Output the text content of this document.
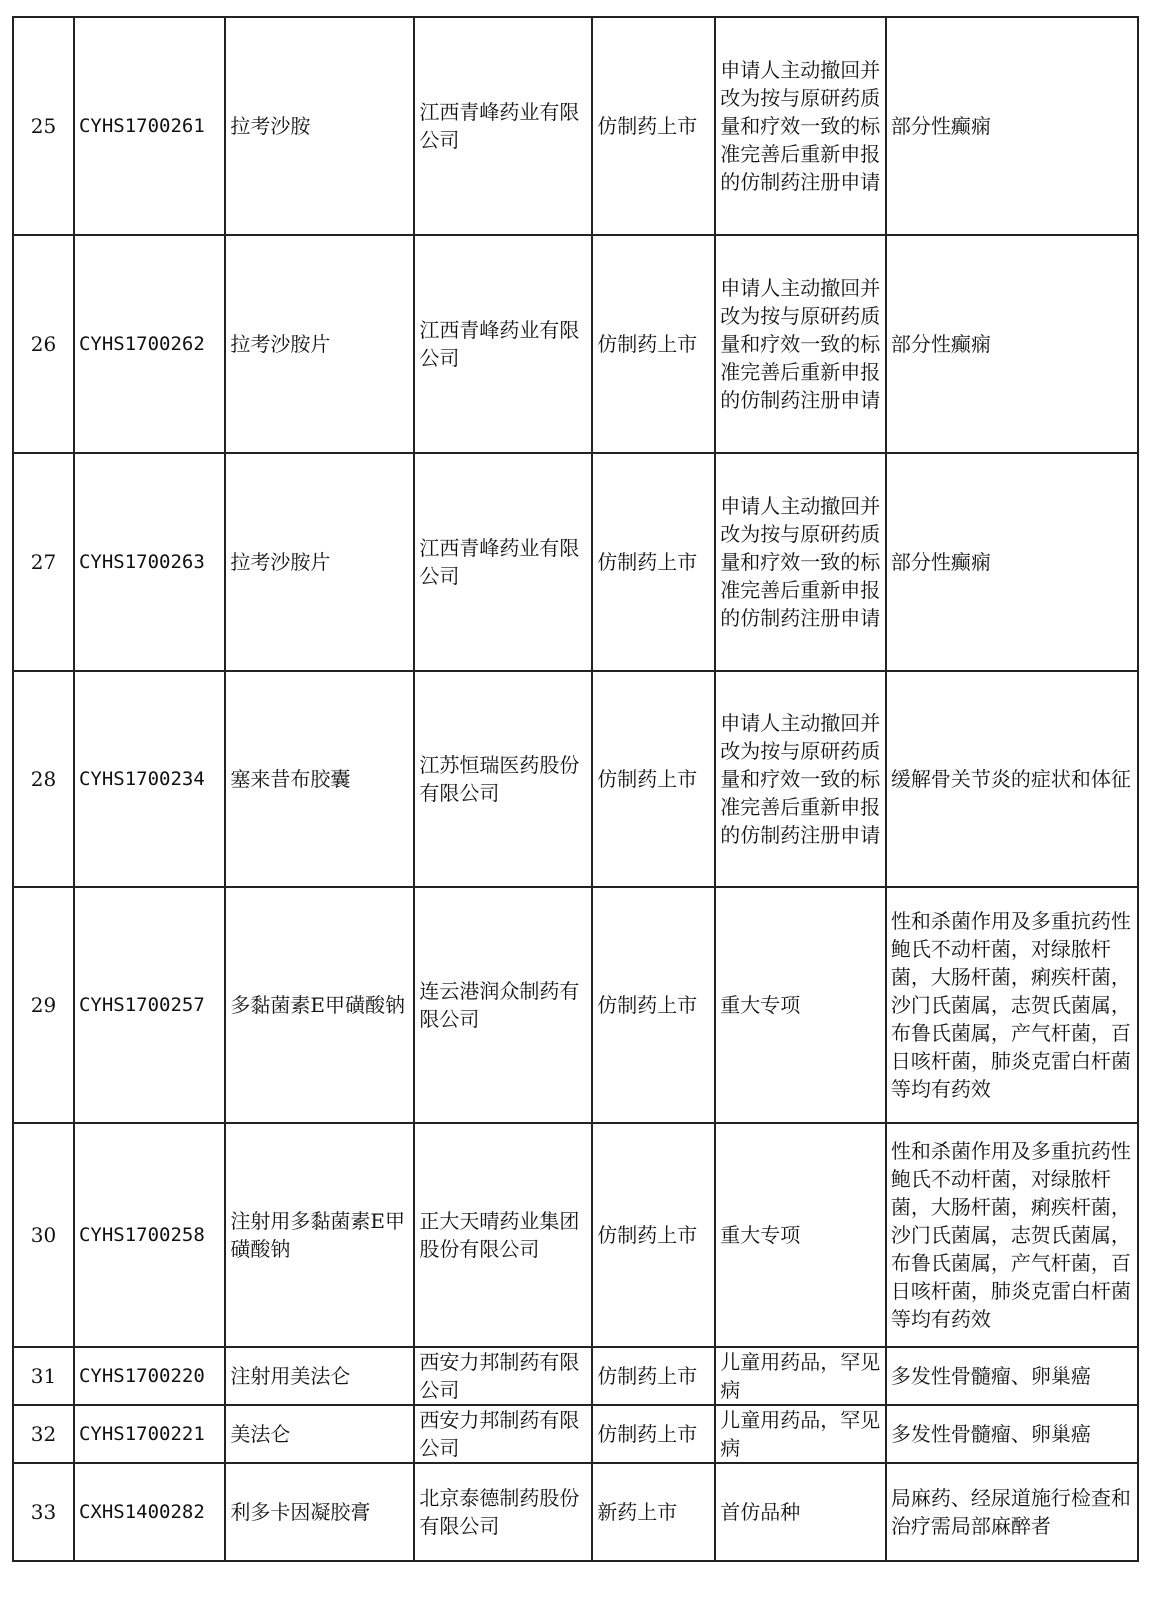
25	CYHS1700261	拉考沙胺	江西青峰药业有限公司	仿制药上市	申请人主动撤回并改为按与原研药质量和疗效一致的标准完善后重新申报的仿制药注册申请	部分性癫痫
26	CYHS1700262	拉考沙胺片	江西青峰药业有限公司	仿制药上市	申请人主动撤回并改为按与原研药质量和疗效一致的标准完善后重新申报的仿制药注册申请	部分性癫痫
27	CYHS1700263	拉考沙胺片	江西青峰药业有限公司	仿制药上市	申请人主动撤回并改为按与原研药质量和疗效一致的标准完善后重新申报的仿制药注册申请	部分性癫痫
28	CYHS1700234	塞来昔布胶囊	江苏恒瑞医药股份有限公司	仿制药上市	申请人主动撤回并改为按与原研药质量和疗效一致的标准完善后重新申报的仿制药注册申请	缓解骨关节炎的症状和体征
29	CYHS1700257	多黏菌素E甲磺酸钠	连云港润众制药有限公司	仿制药上市	重大专项	性和杀菌作用及多重抗药性鲍氏不动杆菌，对绿脓杆菌，大肠杆菌，痢疾杆菌，沙门氏菌属，志贺氏菌属，布鲁氏菌属，产气杆菌，百日咳杆菌，肺炎克雷白杆菌等均有药效
30	CYHS1700258	注射用多黏菌素E甲磺酸钠	正大天晴药业集团股份有限公司	仿制药上市	重大专项	性和杀菌作用及多重抗药性鲍氏不动杆菌，对绿脓杆菌，大肠杆菌，痢疾杆菌，沙门氏菌属，志贺氏菌属，布鲁氏菌属，产气杆菌，百日咳杆菌，肺炎克雷白杆菌等均有药效
31	CYHS1700220	注射用美法仑	西安力邦制药有限公司	仿制药上市	儿童用药品，罕见病	多发性骨髓瘤、卵巢癌
32	CYHS1700221	美法仑	西安力邦制药有限公司	仿制药上市	儿童用药品，罕见病	多发性骨髓瘤、卵巢癌
33	CXHS1400282	利多卡因凝胶膏	北京泰德制药股份有限公司	新药上市	首仿品种	局麻药、经尿道施行检查和治疗需局部麻醉者
